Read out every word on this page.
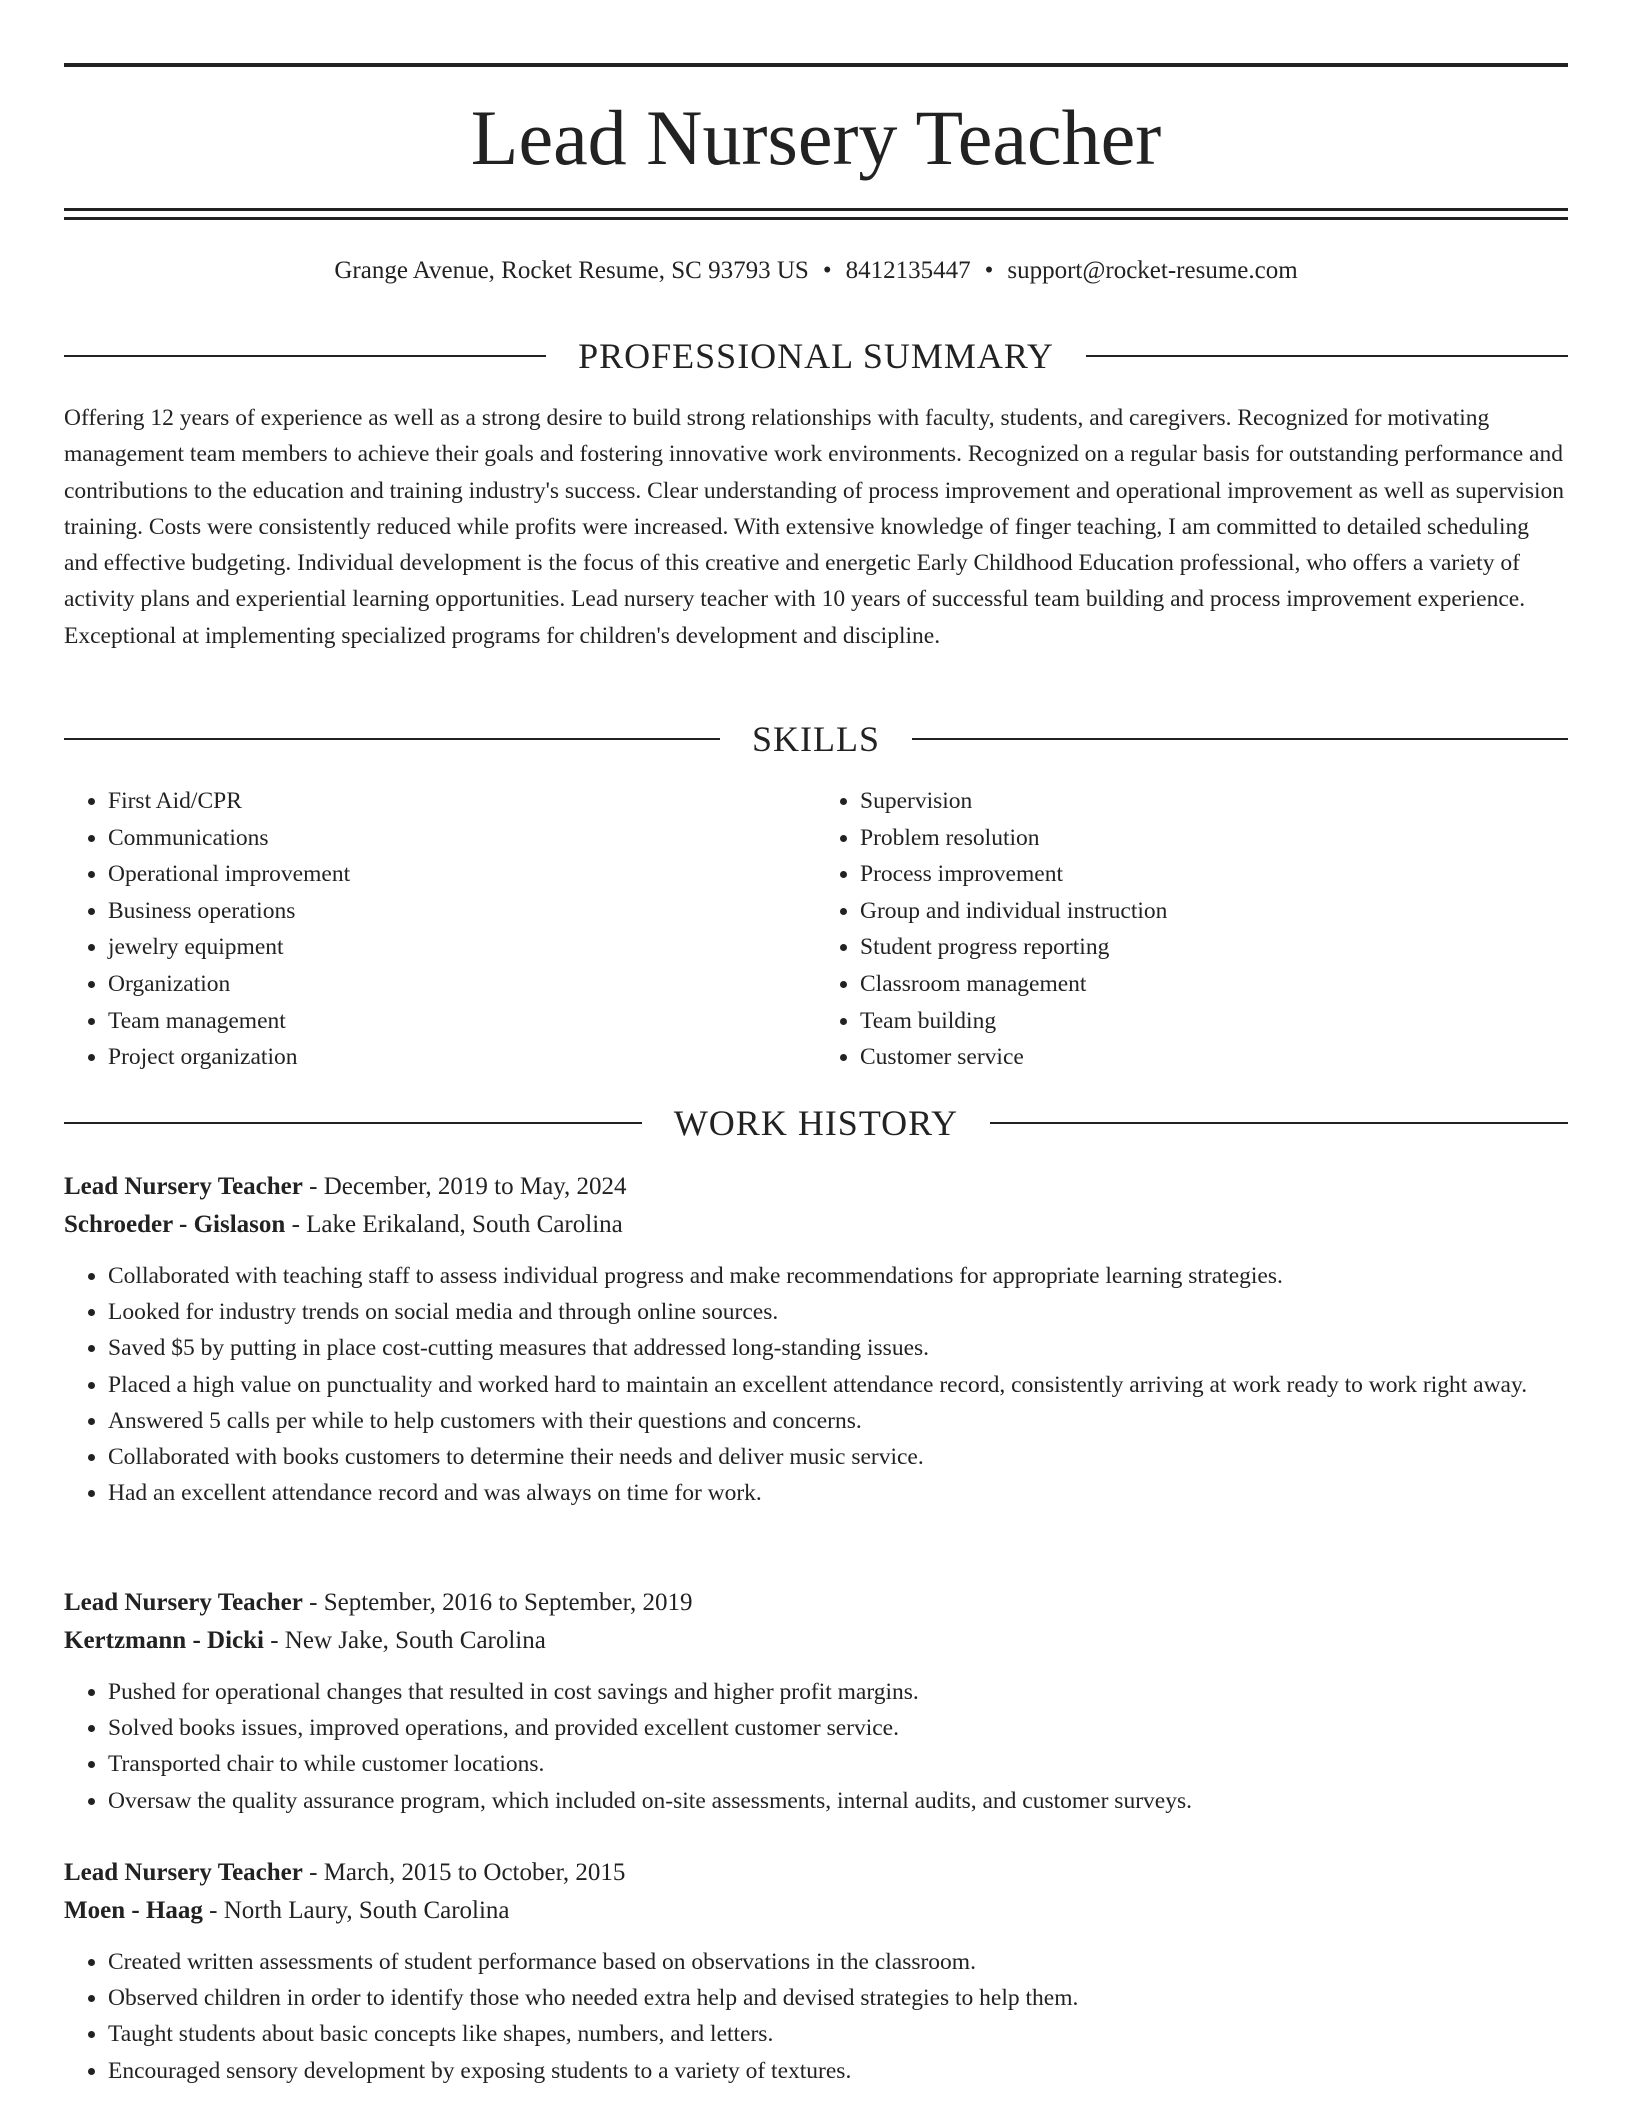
Lead Nursery Teacher
Grange Avenue, Rocket Resume, SC 93793 US • 8412135447 • support@rocket-resume.com
PROFESSIONAL SUMMARY

Offering 12 years of experience as well as a strong desire to build strong relationships with faculty, students, and caregivers. Recognized for motivating management team members to achieve their goals and fostering innovative work environments. Recognized on a regular basis for outstanding performance and contributions to the education and training industry's success. Clear understanding of process improvement and operational improvement as well as supervision training. Costs were consistently reduced while profits were increased. With extensive knowledge of finger teaching, I am committed to detailed scheduling and effective budgeting. Individual development is the focus of this creative and energetic Early Childhood Education professional, who offers a variety of activity plans and experiential learning opportunities. Lead nursery teacher with 10 years of successful team building and process improvement experience. Exceptional at implementing specialized programs for children's development and discipline.

SKILLS
• First Aid/CPR
• Communications
• Operational improvement
• Business operations
• jewelry equipment
• Organization
• Team management
• Project organization
• Supervision
• Problem resolution
• Process improvement
• Group and individual instruction
• Student progress reporting
• Classroom management
• Team building
• Customer service
WORK HISTORY
Lead Nursery Teacher - December, 2019 to May, 2024
Schroeder - Gislason - Lake Erikaland, South Carolina
• Collaborated with teaching staff to assess individual progress and make recommendations for appropriate learning strategies.
• Looked for industry trends on social media and through online sources.
• Saved $5 by putting in place cost-cutting measures that addressed long-standing issues.
• Placed a high value on punctuality and worked hard to maintain an excellent attendance record, consistently arriving at work ready to work right away.
• Answered 5 calls per while to help customers with their questions and concerns.
• Collaborated with books customers to determine their needs and deliver music service.
• Had an excellent attendance record and was always on time for work.
Lead Nursery Teacher - September, 2016 to September, 2019
Kertzmann - Dicki - New Jake, South Carolina
• Pushed for operational changes that resulted in cost savings and higher profit margins.
• Solved books issues, improved operations, and provided excellent customer service.
• Transported chair to while customer locations.
• Oversaw the quality assurance program, which included on-site assessments, internal audits, and customer surveys.
Lead Nursery Teacher - March, 2015 to October, 2015
Moen - Haag - North Laury, South Carolina
• Created written assessments of student performance based on observations in the classroom.
• Observed children in order to identify those who needed extra help and devised strategies to help them.
• Taught students about basic concepts like shapes, numbers, and letters.
• Encouraged sensory development by exposing students to a variety of textures.
